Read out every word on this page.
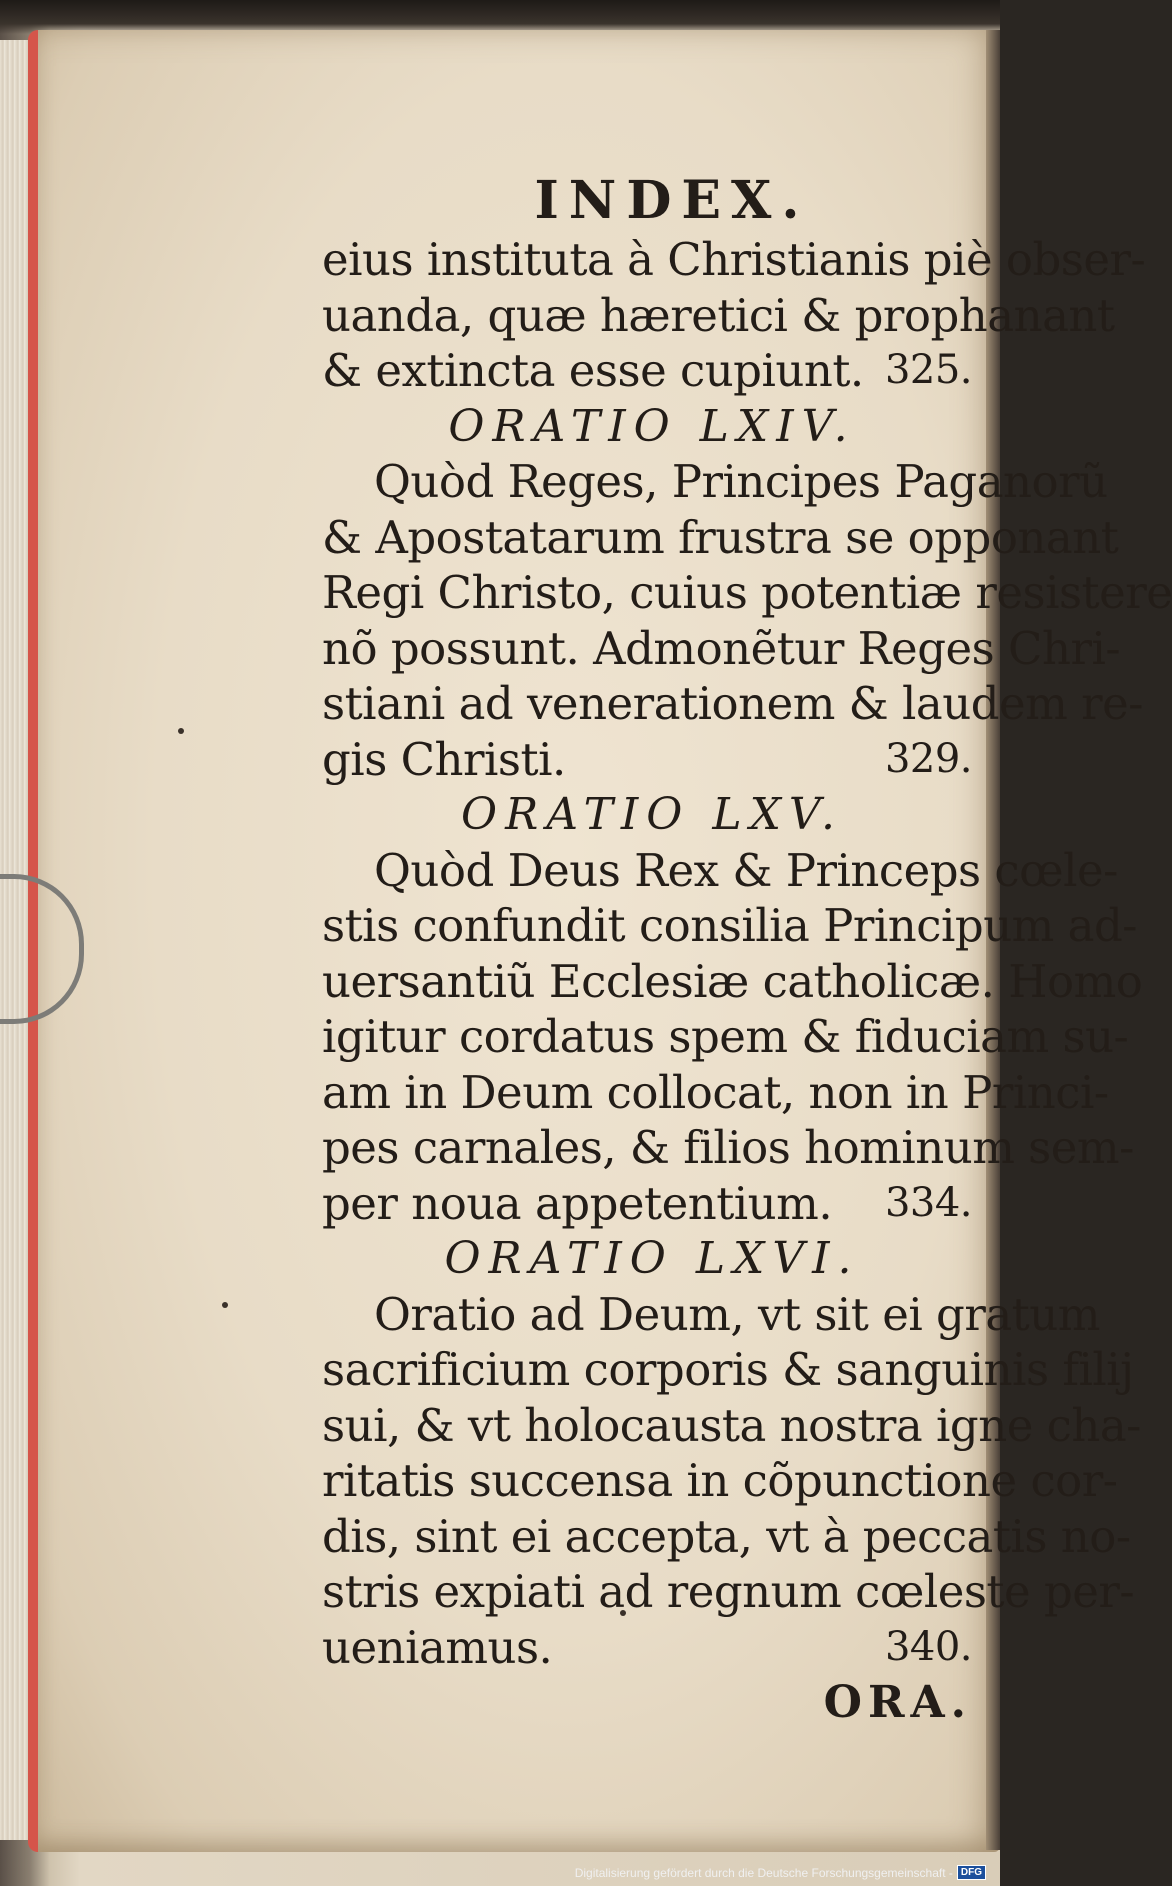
INDEX.
eius instituta à Christianis piè obser-
uanda, quæ hæretici & prophanant
& extincta esse cupiunt. 325.
ORATIO LXIV.
Quòd Reges, Principes Paganorũ
& Apostatarum frustra se opponant
Regi Christo, cuius potentiæ resistere
nõ possunt. Admonẽtur Reges Chri-
stiani ad venerationem & laudem re-
gis Christi.	329.
ORATIO LXV.
Quòd Deus Rex & Princeps cœle-
stis confundit consilia Principum ad-
uersantiũ Ecclesiæ catholicæ. Homo
igitur cordatus spem & fiduciam su-
am in Deum collocat, non in Princi-
pes carnales, & filios hominum sem-
per noua appetentium. 334.
ORATIO LXVI.
Oratio ad Deum, vt sit ei gratum
sacrificium corporis & sanguinis filij
sui, & vt holocausta nostra igne cha-
ritatis succensa in cõpunctione cor-
dis, sint ei accepta, vt à peccatis no-
stris expiati ad regnum cœleste per-
ueniamus.	340.
ORA.
Digitalisierung gefördert durch die Deutsche Forschungsgemeinschaft - DFG
